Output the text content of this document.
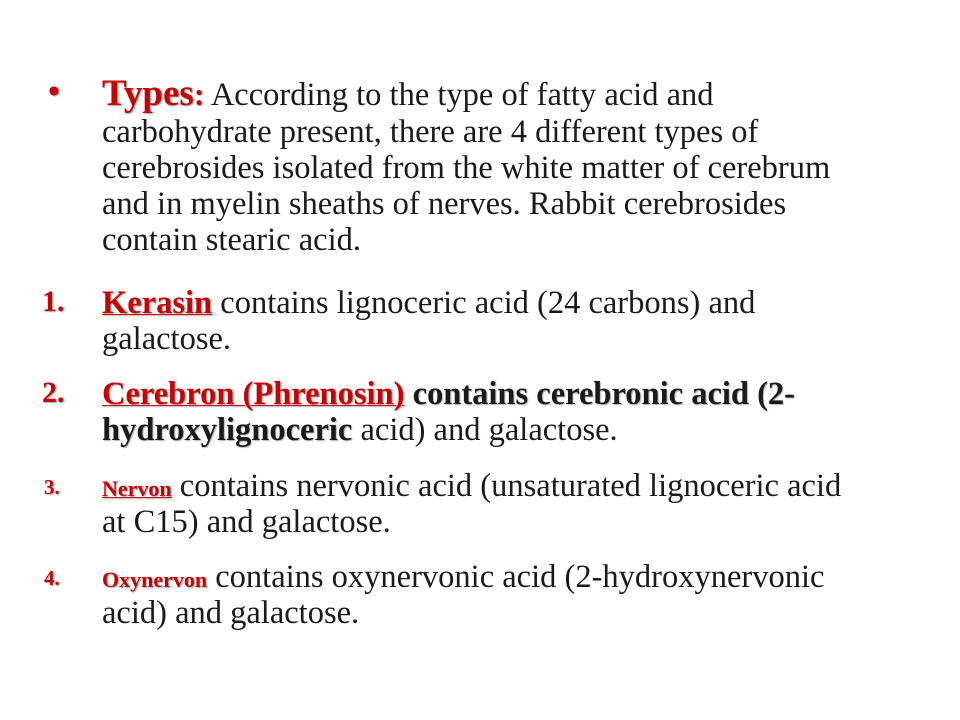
• Types: According to the type of fatty acid and carbohydrate present, there are 4 different types of cerebrosides isolated from the white matter of cerebrum and in myelin sheaths of nerves. Rabbit cerebrosides contain stearic acid.
1. Kerasin contains lignoceric acid (24 carbons) and galactose.
2. Cerebron (Phrenosin) contains cerebronic acid (2-
hydroxylignoceric acid) and galactose.
3. Nervon contains nervonic acid (unsaturated lignoceric acid at C15) and galactose.
4. Oxynervon contains oxynervonic acid (2-hydroxynervonic acid) and galactose.
